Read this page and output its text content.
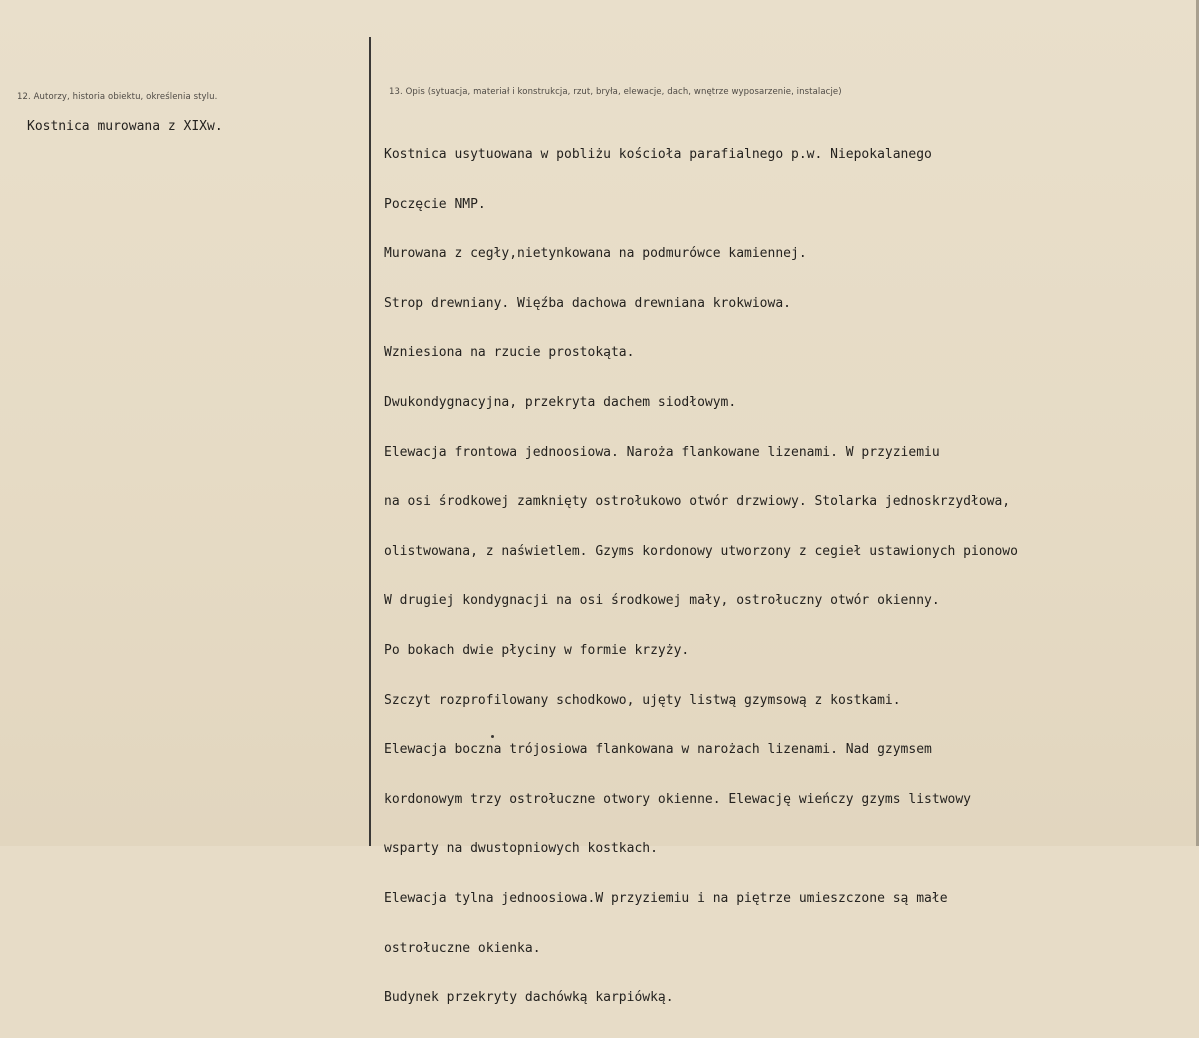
12. Autorzy, historia obiektu, określenia stylu.
Kostnica murowana z XIXw.
13. Opis (sytuacja, materiał i konstrukcja, rzut, bryła, elewacje, dach, wnętrze wyposarzenie, instalacje)

Kostnica usytuowana w pobliżu kościoła parafialnego p.w. Niepokalanego

Poczęcie NMP.

Murowana z cegły,nietynkowana na podmurówce kamiennej.

Strop drewniany. Więźba dachowa drewniana krokwiowa.

Wzniesiona na rzucie prostokąta.

Dwukondygnacyjna, przekryta dachem siodłowym.

Elewacja frontowa jednoosiowa. Naroża flankowane lizenami. W przyziemiu

na osi środkowej zamknięty ostrołukowo otwór drzwiowy. Stolarka jednoskrzydłowa,

olistwowana, z naświetlem. Gzyms kordonowy utworzony z cegieł ustawionych pionowo

W drugiej kondygnacji na osi środkowej mały, ostrołuczny otwór okienny.

Po bokach dwie płyciny w formie krzyży.

Szczyt rozprofilowany schodkowo, ujęty listwą gzymsową z kostkami.

Elewacja boczna trójosiowa flankowana w narożach lizenami. Nad gzymsem

kordonowym trzy ostrołuczne otwory okienne. Elewację wieńczy gzyms listwowy

wsparty na dwustopniowych kostkach.

Elewacja tylna jednoosiowa.W przyziemiu i na piętrze umieszczone są małe

ostrołuczne okienka.

Budynek przekryty dachówką karpiówką.
